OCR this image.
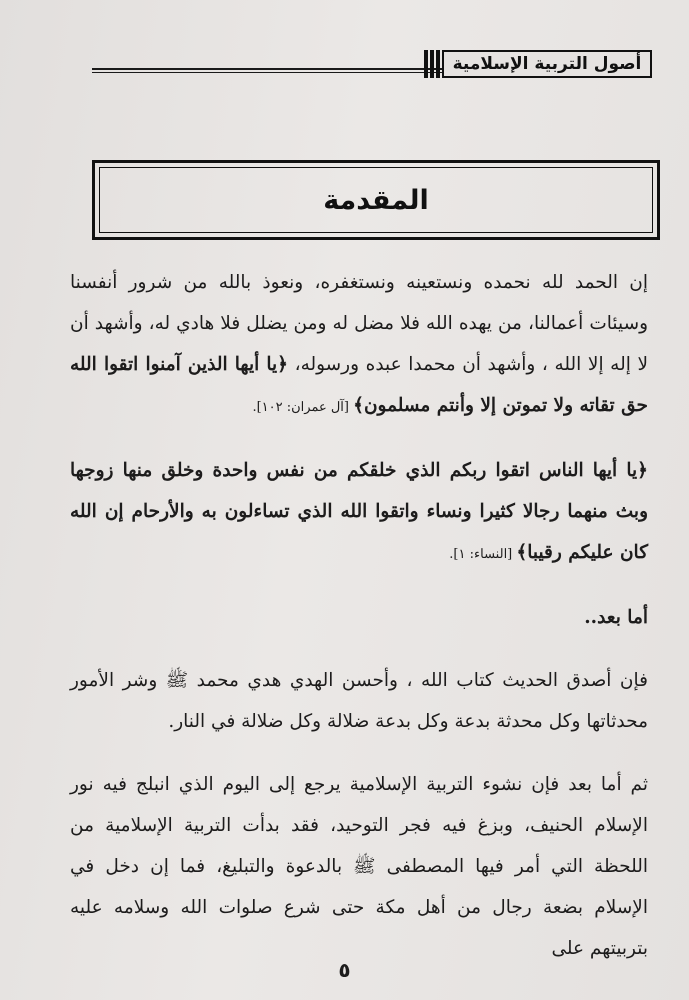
أصول التربية الإسلامية
المقدمة

إن الحمد لله نحمده ونستعينه ونستغفره، ونعوذ بالله من شرور أنفسنا وسيئات أعمالنا، من يهده الله فلا مضل له ومن يضلل فلا هادي له، وأشهد أن لا إله إلا الله ، وأشهد أن محمدا عبده ورسوله، ﴿يا أيها الذين آمنوا اتقوا الله حق تقاته ولا تموتن إلا وأنتم مسلمون﴾ [آل عمران: ١٠٢].

﴿يا أيها الناس اتقوا ربكم الذي خلقكم من نفس واحدة وخلق منها زوجها وبث منهما رجالا كثيرا ونساء واتقوا الله الذي تساءلون به والأرحام إن الله كان عليكم رقيبا﴾ [النساء: ١].

أما بعد..

فإن أصدق الحديث كتاب الله ، وأحسن الهدي هدي محمد ﷺ وشر الأمور محدثاتها وكل محدثة بدعة وكل بدعة ضلالة وكل ضلالة في النار.

ثم أما بعد فإن نشوء التربية الإسلامية يرجع إلى اليوم الذي انبلج فيه نور الإسلام الحنيف، وبزغ فيه فجر التوحيد، فقد بدأت التربية الإسلامية من اللحظة التي أمر فيها المصطفى ﷺ بالدعوة والتبليغ، فما إن دخل في الإسلام بضعة رجال من أهل مكة حتى شرع صلوات الله وسلامه عليه بتربيتهم على

٥
